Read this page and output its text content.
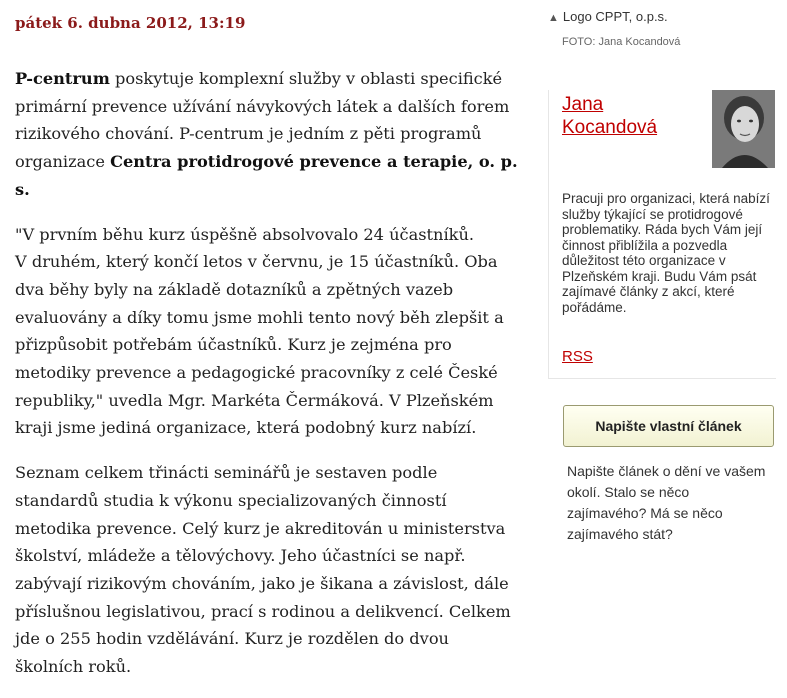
pátek 6. dubna 2012, 13:19

P-centrum poskytuje komplexní služby v oblasti specifické primární prevence užívání návykových látek a dalších forem rizikového chování. P-centrum je jedním z pěti programů organizace Centra protidrogové prevence a terapie, o. p. s.

"V prvním běhu kurz úspěšně absolvovalo 24 účastníků.
V druhém, který končí letos v červnu, je 15 účastníků. Oba dva běhy byly na základě dotazníků a zpětných vazeb evaluovány a díky tomu jsme mohli tento nový běh zlepšit a přizpůsobit potřebám účastníků. Kurz je zejména pro metodiky prevence a pedagogické pracovníky z celé České republiky," uvedla Mgr. Markéta Čermáková. V Plzeňském kraji jsme jediná organizace, která podobný kurz nabízí.

Seznam celkem třinácti seminářů je sestaven podle standardů studia k výkonu specializovaných činností metodika prevence. Celý kurz je akreditován u ministerstva školství, mládeže a tělovýchovy. Jeho účastníci se např. zabývají rizikovým chováním, jako je šikana a závislost, dále příslušnou legislativou, prací s rodinou a delikvencí. Celkem jde o 255 hodin vzdělávání. Kurz je rozdělen do dvou školních roků.

▲ Logo CPPT, o.p.s.
FOTO: Jana Kocandová
Jana
Kocandová
Pracuji pro organizaci, která nabízí služby týkající se protidrogové problematiky. Ráda bych Vám její činnost přiblížila a pozvedla důležitost této organizace v Plzeňském kraji. Budu Vám psát zajímavé články z akcí, které pořádáme.
RSS
Napište vlastní článek
Napište článek o dění ve vašem okolí. Stalo se něco zajímavého? Má se něco zajímavého stát?
